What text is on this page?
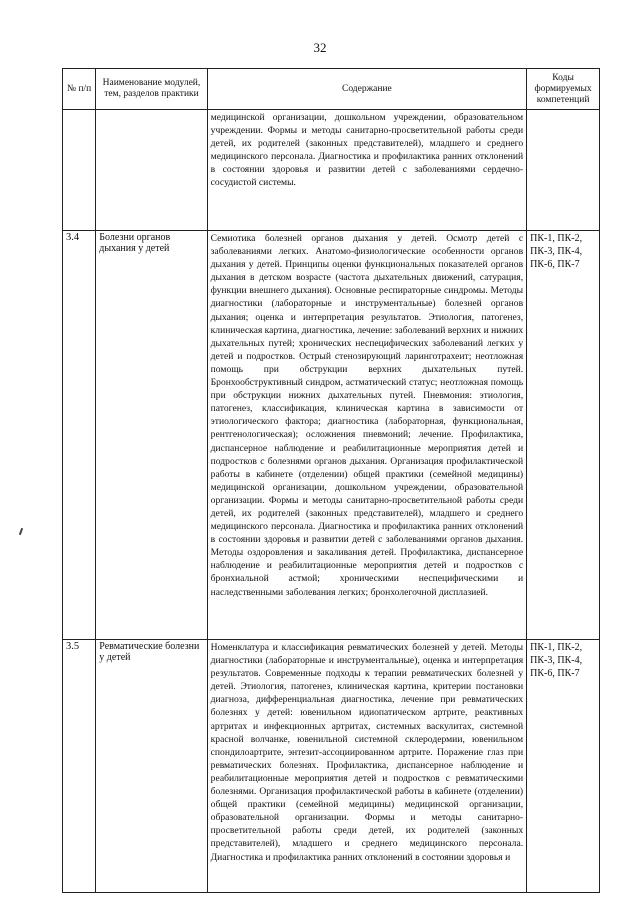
32
№ п/п	Наименование модулей, тем, разделов практики	Содержание	Коды формируемых компетенций
		медицинской организации, дошкольном учреждении, образовательном учреждении. Формы и методы санитарно-просветительной работы среди детей, их родителей (законных представителей), младшего и среднего медицинского персонала. Диагностика и профилактика ранних отклонений в состоянии здоровья и развитии детей с заболеваниями сердечно-сосудистой системы.	
3.4	Болезни органов дыхания у детей	Семиотика болезней органов дыхания у детей. Осмотр детей с заболеваниями легких. Анатомо-физиологические особенности органов дыхания у детей. Принципы оценки функциональных показателей органов дыхания в детском возрасте (частота дыхательных движений, сатурация, функции внешнего дыхания). Основные респираторные синдромы. Методы диагностики (лабораторные и инструментальные) болезней органов дыхания; оценка и интерпретация результатов. Этиология, патогенез, клиническая картина, диагностика, лечение: заболеваний верхних и нижних дыхательных путей; хронических неспецифических заболеваний легких у детей и подростков. Острый стенозирующий ларинготрахеит; неотложная помощь при обструкции верхних дыхательных путей. Бронхообструктивный синдром, астматический статус; неотложная помощь при обструкции нижних дыхательных путей. Пневмония: этиология, патогенез, классификация, клиническая картина в зависимости от этиологического фактора; диагностика (лабораторная, функциональная, рентгенологическая); осложнения пневмоний; лечение. Профилактика, диспансерное наблюдение и реабилитационные мероприятия детей и подростков с болезнями органов дыхания. Организация профилактической работы в кабинете (отделении) общей практики (семейной медицины) медицинской организации, дошкольном учреждении, образовательной организации. Формы и методы санитарно-просветительной работы среди детей, их родителей (законных представителей), младшего и среднего медицинского персонала. Диагностика и профилактика ранних отклонений в состоянии здоровья и развитии детей с заболеваниями органов дыхания. Методы оздоровления и закаливания детей. Профилактика, диспансерное наблюдение и реабилитационные мероприятия детей и подростков с бронхиальной астмой; хроническими неспецифическими и наследственными заболевания легких; бронхолегочной дисплазией.	ПК-1, ПК-2, ПК-3, ПК-4, ПК-6, ПК-7
3.5	Ревматические болезни у детей	Номенклатура и классификация ревматических болезней у детей. Методы диагностики (лабораторные и инструментальные), оценка и интерпретация результатов. Современные подходы к терапии ревматических болезней у детей. Этиология, патогенез, клиническая картина, критерии постановки диагноза, дифференциальная диагностика, лечение при ревматических болезнях у детей: ювенильном идиопатическом артрите, реактивных артритах и инфекционных артритах, системных васкулитах, системной красной волчанке, ювенильной системной склеродермии, ювенильном спондилоартрите, энтезит-ассоциированном артрите. Поражение глаз при ревматических болезнях. Профилактика, диспансерное наблюдение и реабилитационные мероприятия детей и подростков с ревматическими болезнями. Организация профилактической работы в кабинете (отделении) общей практики (семейной медицины) медицинской организации, образовательной организации. Формы и методы санитарно-просветительной работы среди детей, их родителей (законных представителей), младшего и среднего медицинского персонала. Диагностика и профилактика ранних отклонений в состоянии здоровья и	ПК-1, ПК-2, ПК-3, ПК-4, ПК-6, ПК-7
